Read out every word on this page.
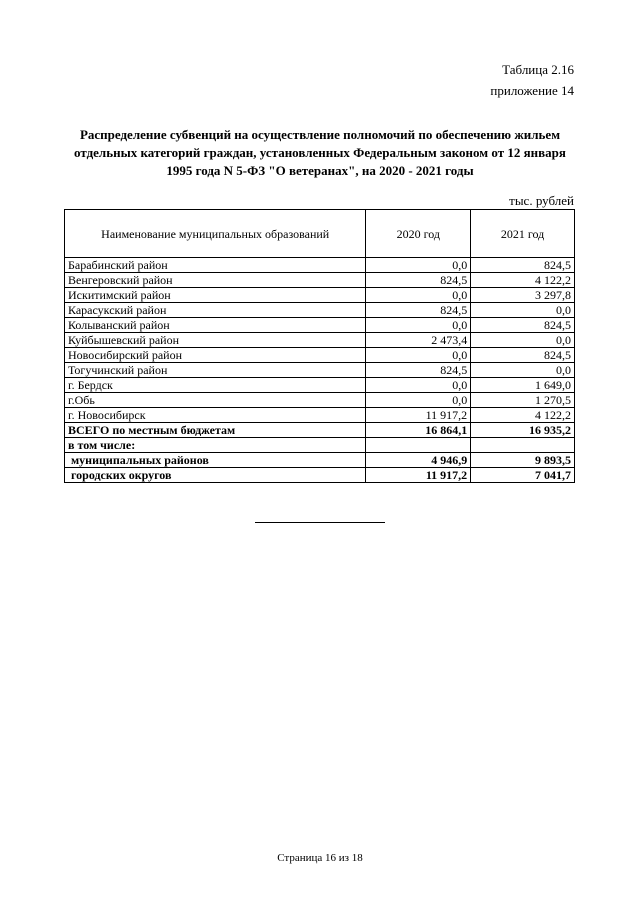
Таблица 2.16
приложение 14
Распределение субвенций на осуществление полномочий по обеспечению жильем
отдельных категорий граждан, установленных Федеральным законом от 12 января
1995 года N 5-ФЗ "О ветеранах", на 2020 - 2021 годы
тыс. рублей
Наименование муниципальных образований	2020 год	2021 год
Барабинский район	0,0	824,5
Венгеровский район	824,5	4 122,2
Искитимский район	0,0	3 297,8
Карасукский район	824,5	0,0
Колыванский район	0,0	824,5
Куйбышевский район	2 473,4	0,0
Новосибирский район	0,0	824,5
Тогучинский район	824,5	0,0
г. Бердск	0,0	1 649,0
г.Обь	0,0	1 270,5
г. Новосибирск	11 917,2	4 122,2
ВСЕГО по местным бюджетам	16 864,1	16 935,2
в том числе:		
муниципальных районов	4 946,9	9 893,5
городских округов	11 917,2	7 041,7
Страница 16 из 18
